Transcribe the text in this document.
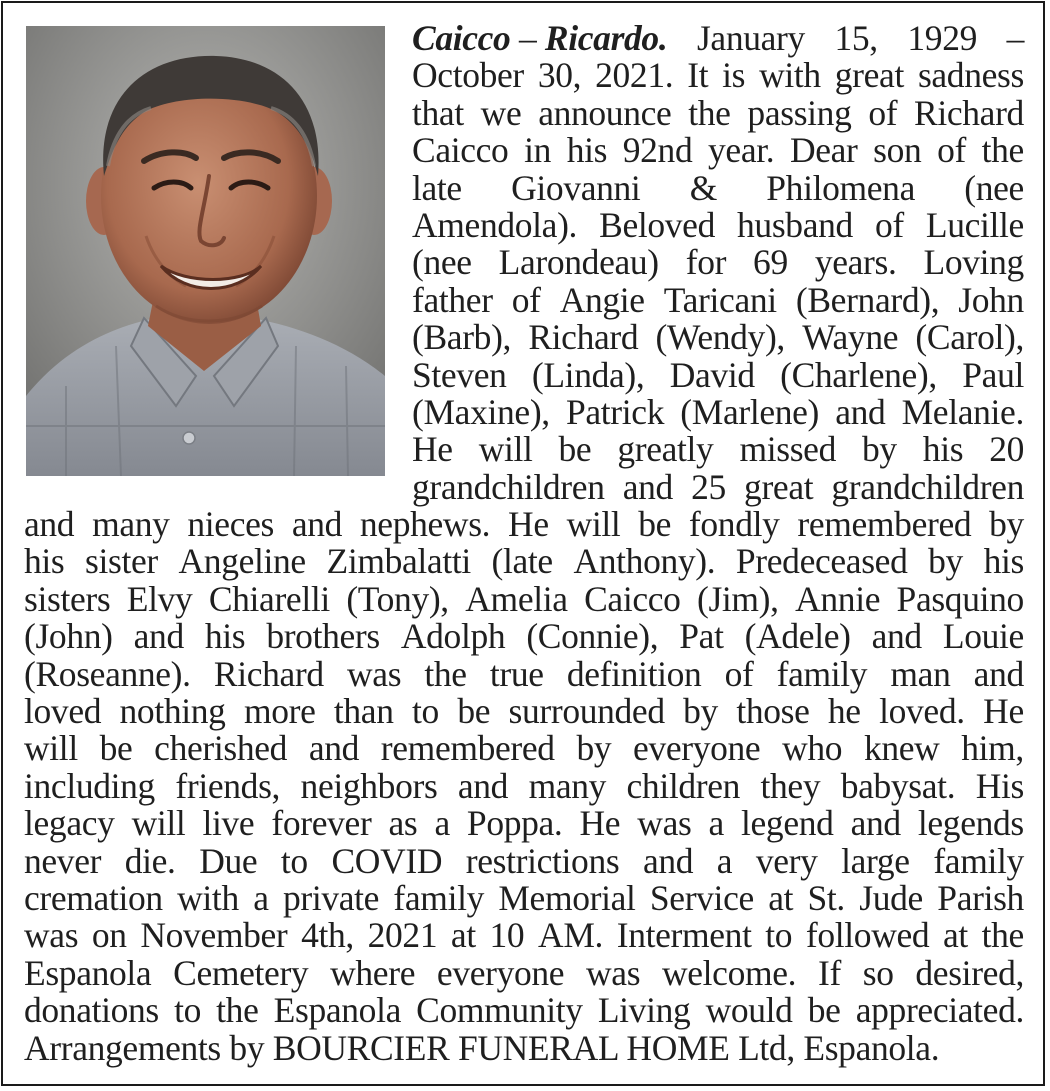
Caicco – Ricardo. January 15, 1929 –
October 30, 2021. It is with great sadness
that we announce the passing of Richard
Caicco in his 92nd year. Dear son of the
late Giovanni & Philomena (nee
Amendola). Beloved husband of Lucille
(nee Larondeau) for 69 years. Loving
father of Angie Taricani (Bernard), John
(Barb), Richard (Wendy), Wayne (Carol),
Steven (Linda), David (Charlene), Paul
(Maxine), Patrick (Marlene) and Melanie.
He will be greatly missed by his 20
grandchildren and 25 great grandchildren
and many nieces and nephews. He will be fondly remembered by
his sister Angeline Zimbalatti (late Anthony). Predeceased by his
sisters Elvy Chiarelli (Tony), Amelia Caicco (Jim), Annie Pasquino
(John) and his brothers Adolph (Connie), Pat (Adele) and Louie
(Roseanne). Richard was the true definition of family man and
loved nothing more than to be surrounded by those he loved. He
will be cherished and remembered by everyone who knew him,
including friends, neighbors and many children they babysat. His
legacy will live forever as a Poppa. He was a legend and legends
never die. Due to COVID restrictions and a very large family
cremation with a private family Memorial Service at St. Jude Parish
was on November 4th, 2021 at 10 AM. Interment to followed at the
Espanola Cemetery where everyone was welcome. If so desired,
donations to the Espanola Community Living would be appreciated.
Arrangements by BOURCIER FUNERAL HOME Ltd, Espanola.
